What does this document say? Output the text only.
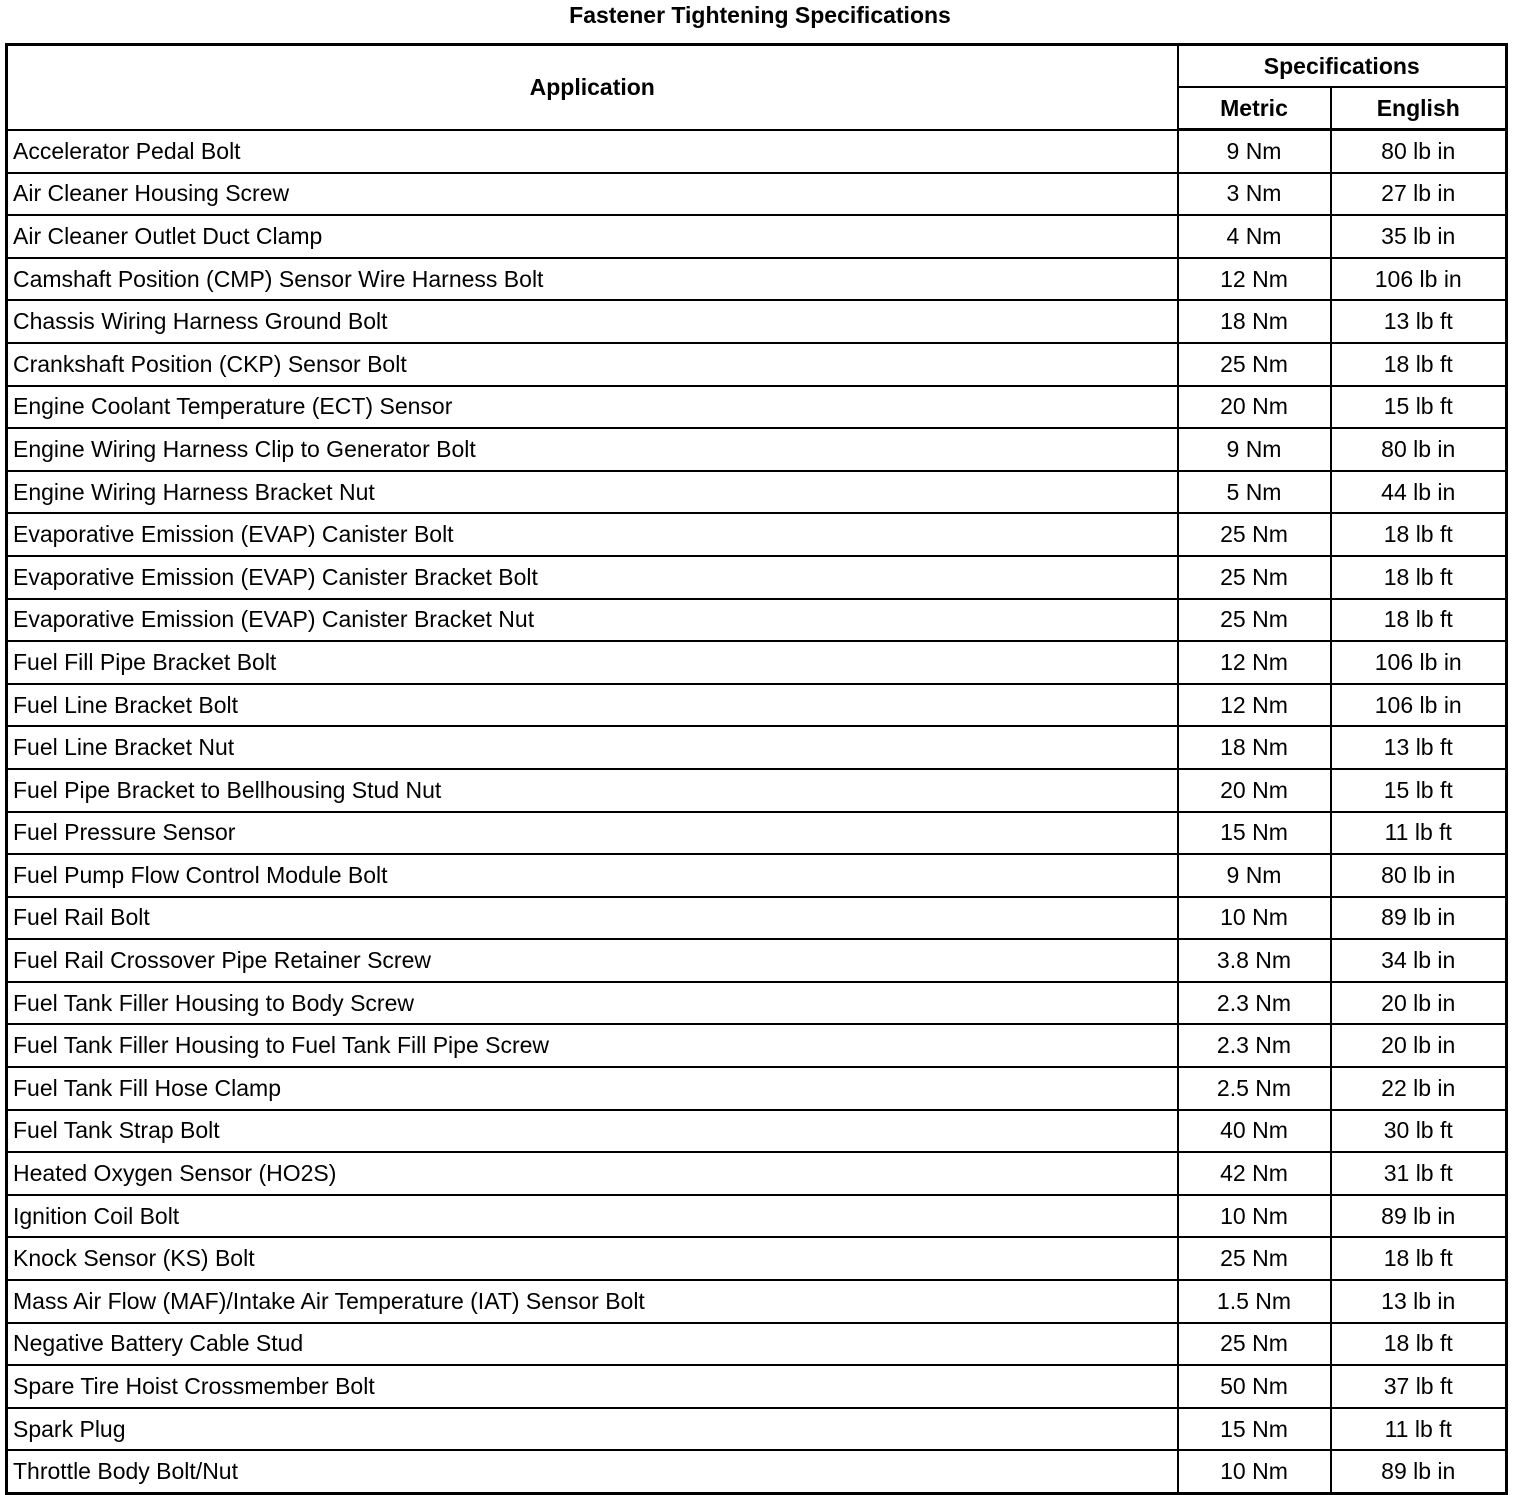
Fastener Tightening Specifications
Application	Specifications	
	Metric	English
Accelerator Pedal Bolt	9 Nm	80 lb in
Air Cleaner Housing Screw	3 Nm	27 lb in
Air Cleaner Outlet Duct Clamp	4 Nm	35 lb in
Camshaft Position (CMP) Sensor Wire Harness Bolt	12 Nm	106 lb in
Chassis Wiring Harness Ground Bolt	18 Nm	13 lb ft
Crankshaft Position (CKP) Sensor Bolt	25 Nm	18 lb ft
Engine Coolant Temperature (ECT) Sensor	20 Nm	15 lb ft
Engine Wiring Harness Clip to Generator Bolt	9 Nm	80 lb in
Engine Wiring Harness Bracket Nut	5 Nm	44 lb in
Evaporative Emission (EVAP) Canister Bolt	25 Nm	18 lb ft
Evaporative Emission (EVAP) Canister Bracket Bolt	25 Nm	18 lb ft
Evaporative Emission (EVAP) Canister Bracket Nut	25 Nm	18 lb ft
Fuel Fill Pipe Bracket Bolt	12 Nm	106 lb in
Fuel Line Bracket Bolt	12 Nm	106 lb in
Fuel Line Bracket Nut	18 Nm	13 lb ft
Fuel Pipe Bracket to Bellhousing Stud Nut	20 Nm	15 lb ft
Fuel Pressure Sensor	15 Nm	11 lb ft
Fuel Pump Flow Control Module Bolt	9 Nm	80 lb in
Fuel Rail Bolt	10 Nm	89 lb in
Fuel Rail Crossover Pipe Retainer Screw	3.8 Nm	34 lb in
Fuel Tank Filler Housing to Body Screw	2.3 Nm	20 lb in
Fuel Tank Filler Housing to Fuel Tank Fill Pipe Screw	2.3 Nm	20 lb in
Fuel Tank Fill Hose Clamp	2.5 Nm	22 lb in
Fuel Tank Strap Bolt	40 Nm	30 lb ft
Heated Oxygen Sensor (HO2S)	42 Nm	31 lb ft
Ignition Coil Bolt	10 Nm	89 lb in
Knock Sensor (KS) Bolt	25 Nm	18 lb ft
Mass Air Flow (MAF)/Intake Air Temperature (IAT) Sensor Bolt	1.5 Nm	13 lb in
Negative Battery Cable Stud	25 Nm	18 lb ft
Spare Tire Hoist Crossmember Bolt	50 Nm	37 lb ft
Spark Plug	15 Nm	11 lb ft
Throttle Body Bolt/Nut	10 Nm	89 lb in
